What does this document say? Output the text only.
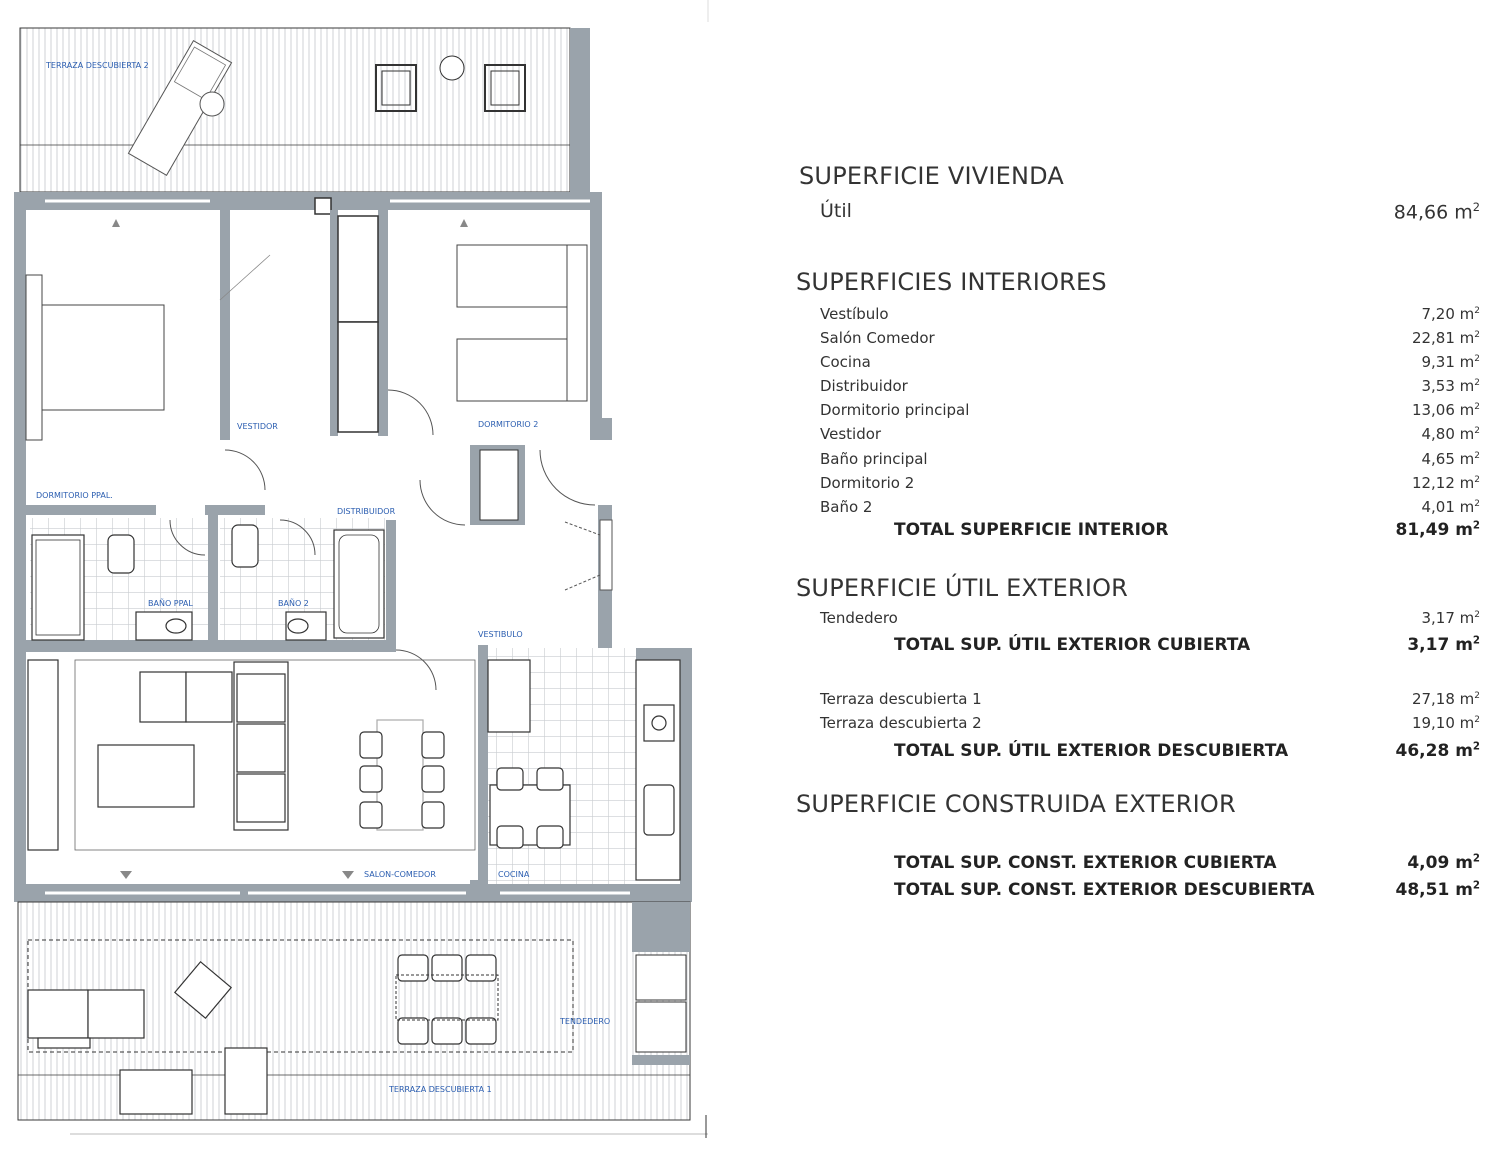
TERRAZA DESCUBIERTA 2
VESTIDOR	DORMITORIO 2
DORMITORIO PPAL.
DISTRIBUIDOR
BAÑO PPAL	BAÑO 2
VESTIBULO
SALON-COMEDOR	COCINA
TENDEDERO
TERRAZA DESCUBIERTA 1
SUPERFICIE VIVIENDA
Útil	84,66 $m^2$
SUPERFICIES INTERIORES
Vestíbulo	7,20 $m^2$
Salón Comedor	22,81 $m^2$
Cocina	9,31 $m^2$
Distribuidor	3,53 $m^2$
Dormitorio principal	13,06 $m^2$
Vestidor	4,80 $m^2$
Baño principal	4,65 $m^2$
Dormitorio 2	12,12 $m^2$
Baño 2	4,01 $m^2$
TOTAL SUPERFICIE INTERIOR	81,49 $m^2$
SUPERFICIE ÚTIL EXTERIOR
Tendedero	3,17 $m^2$
TOTAL SUP. ÚTIL EXTERIOR CUBIERTA	3,17 $m^2$
Terraza descubierta 1	27,18 $m^2$
Terraza descubierta 2	19,10 $m^2$
TOTAL SUP. ÚTIL EXTERIOR DESCUBIERTA	46,28 $m^2$
SUPERFICIE CONSTRUIDA EXTERIOR
TOTAL SUP. CONST. EXTERIOR CUBIERTA	4,09 $m^2$
TOTAL SUP. CONST. EXTERIOR DESCUBIERTA	48,51 $m^2$
